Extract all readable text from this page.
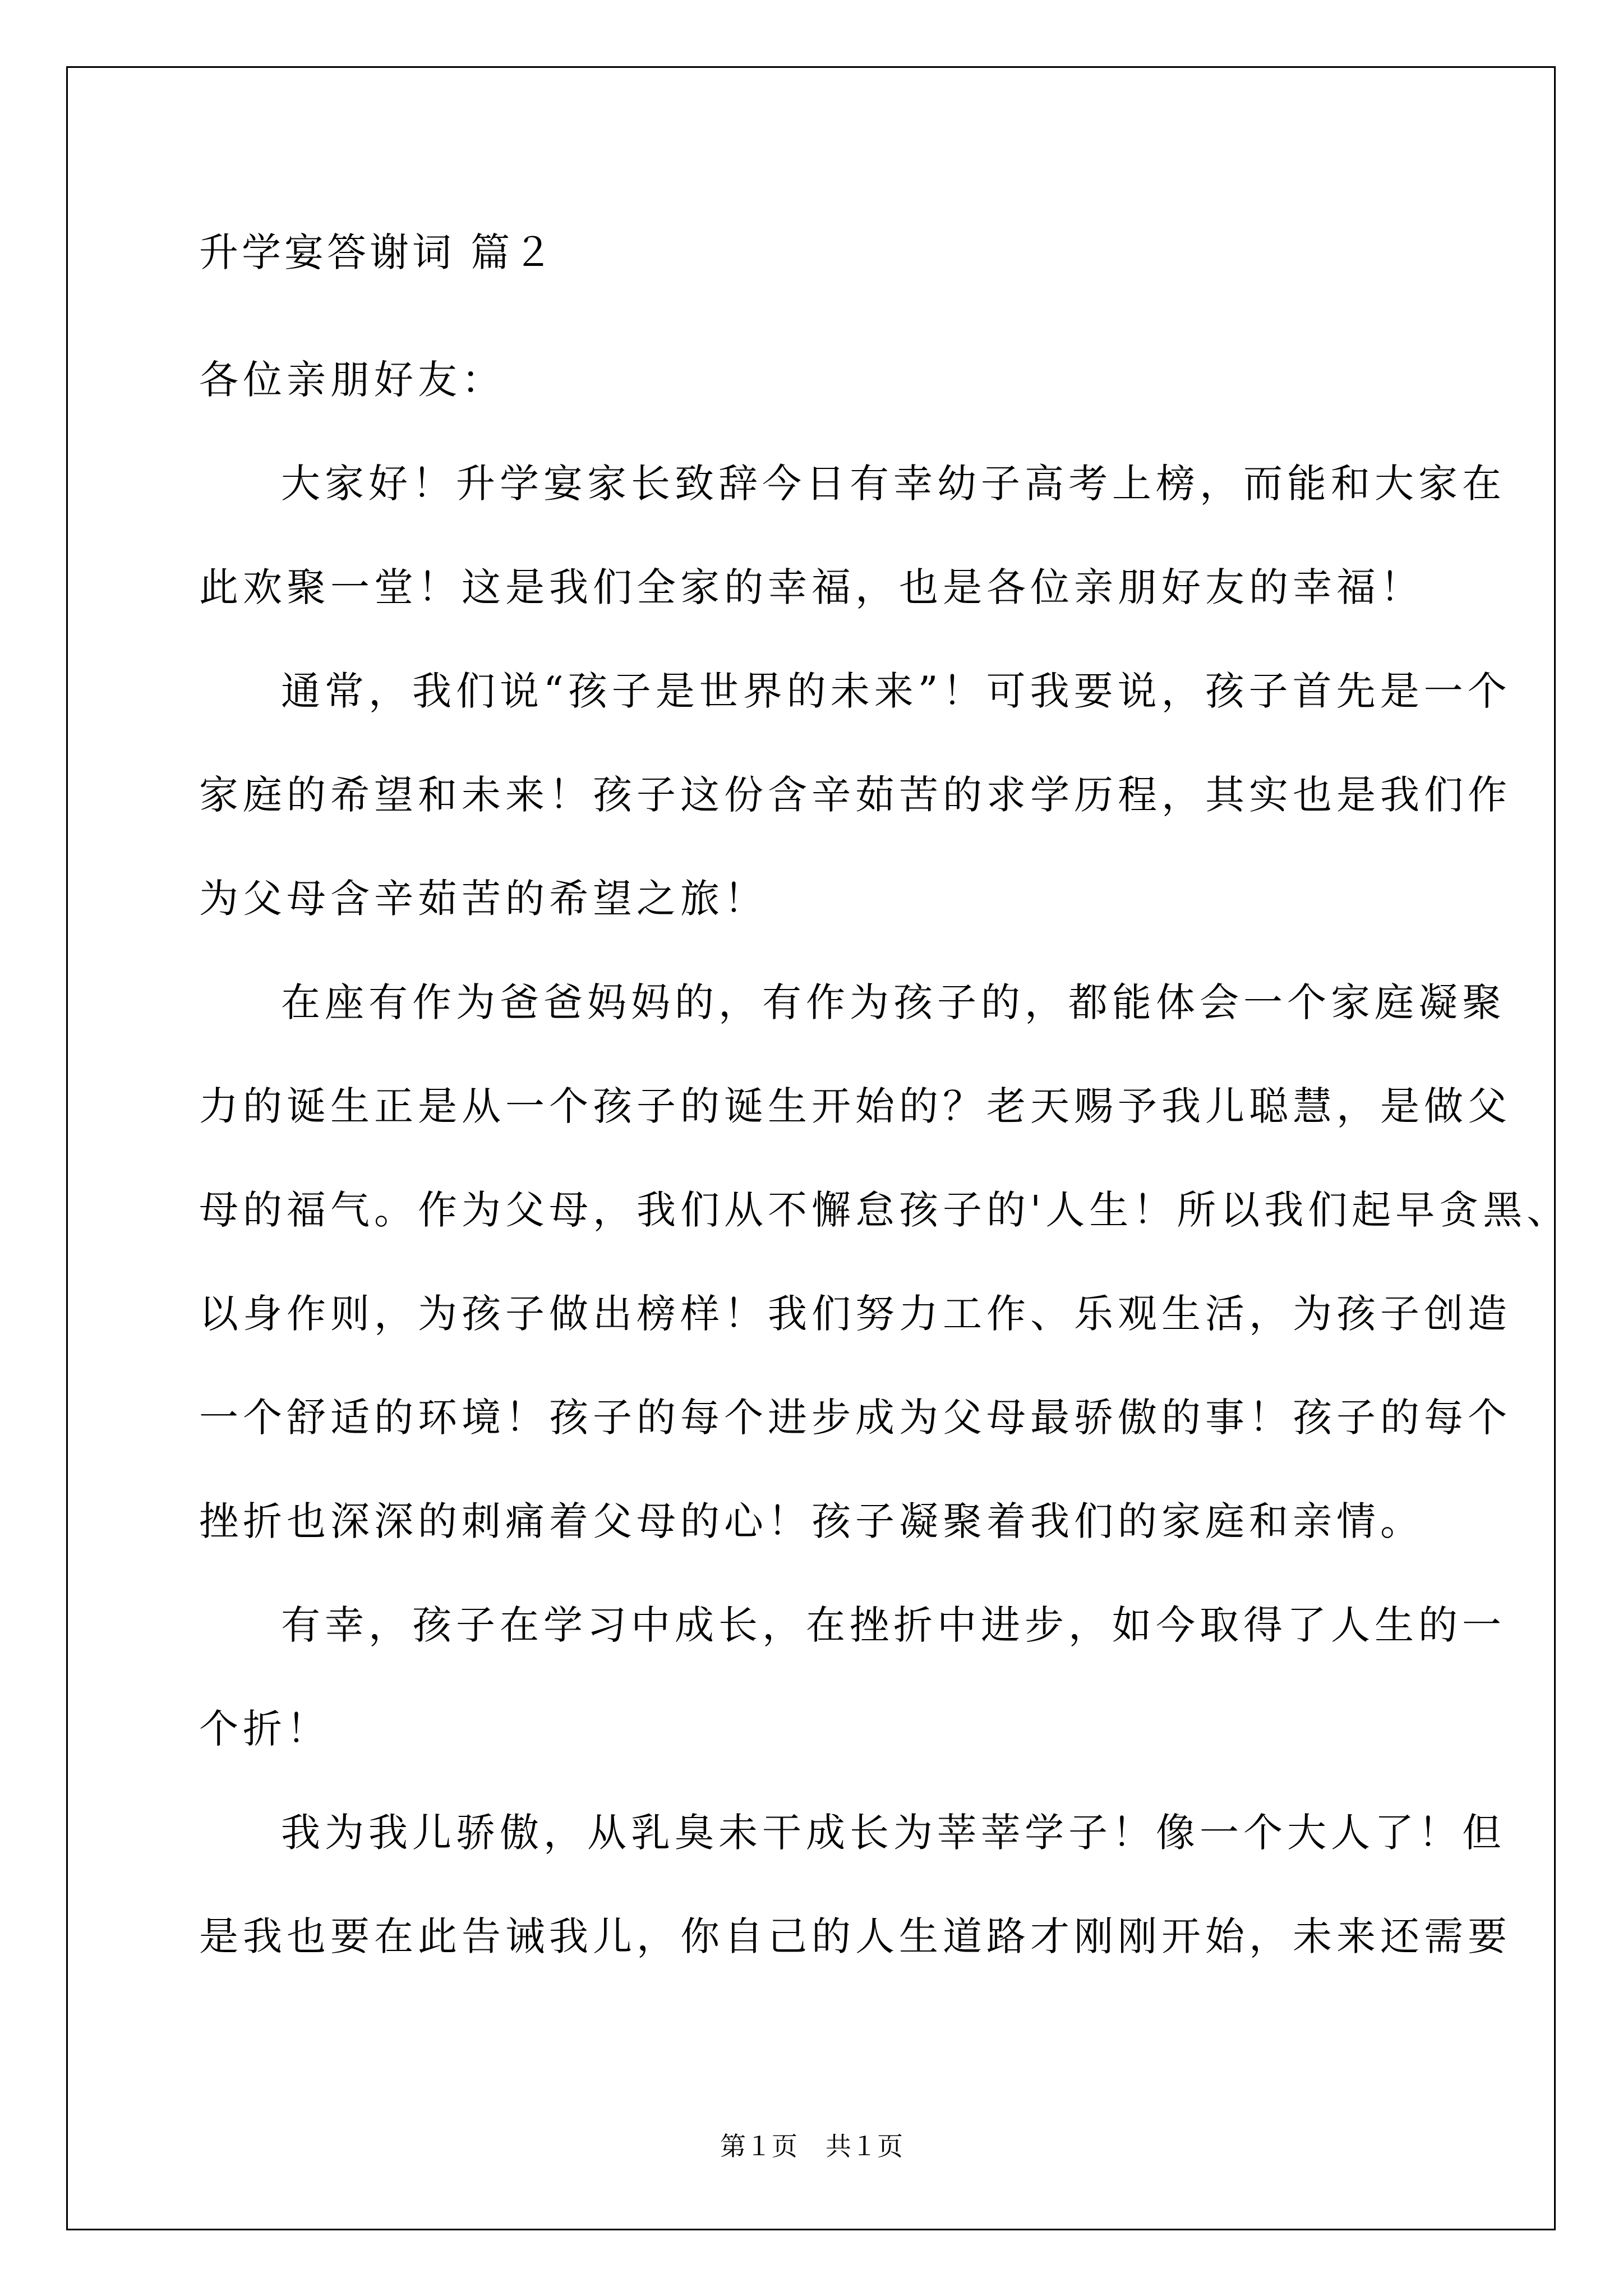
升学宴答谢词 篇２
各位亲朋好友：
大家好！升学宴家长致辞今日有幸幼子高考上榜，而能和大家在
此欢聚一堂！这是我们全家的幸福，也是各位亲朋好友的幸福！
通常，我们说“孩子是世界的未来”！可我要说，孩子首先是一个
家庭的希望和未来！孩子这份含辛茹苦的求学历程，其实也是我们作
为父母含辛茹苦的希望之旅！
在座有作为爸爸妈妈的，有作为孩子的，都能体会一个家庭凝聚
力的诞生正是从一个孩子的诞生开始的？老天赐予我儿聪慧，是做父
母的福气。作为父母，我们从不懈怠孩子的'人生！所以我们起早贪黑、
以身作则，为孩子做出榜样！我们努力工作、乐观生活，为孩子创造
一个舒适的环境！孩子的每个进步成为父母最骄傲的事！孩子的每个
挫折也深深的刺痛着父母的心！孩子凝聚着我们的家庭和亲情。
有幸，孩子在学习中成长，在挫折中进步，如今取得了人生的一
个折！
我为我儿骄傲，从乳臭未干成长为莘莘学子！像一个大人了！但
是我也要在此告诫我儿，你自己的人生道路才刚刚开始，未来还需要
第１页 共１页
